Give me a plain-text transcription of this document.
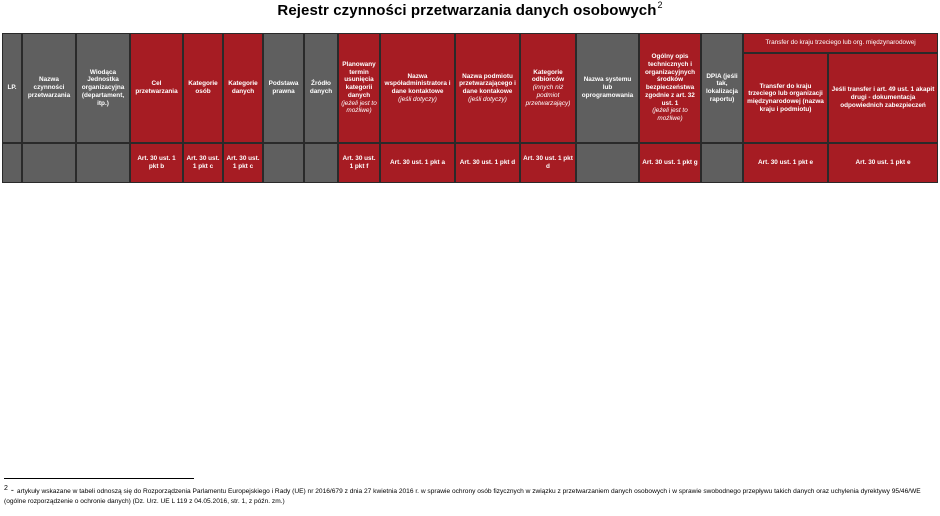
Rejestr czynności przetwarzania danych osobowych$^2$
Transfer do kraju trzeciego lub org. międzynarodowej
LP.
Nazwa czynności przetwarzania
Wiodąca Jednostka organizacyjna (departament, itp.)
Cel przetwarzania
Art. 30 ust. 1 pkt b
Kategorie osób
Art. 30 ust. 1 pkt c
Kategorie danych
Art. 30 ust. 1 pkt c
Podstawa prawna
Źródło danych
Planowany termin usunięcia kategorii danych
(jeżeli jest to możliwe)
Art. 30 ust. 1 pkt f
Nazwa współadministratora i dane kontaktowe
(jeśli dotyczy)
Art. 30 ust. 1 pkt a
Nazwa podmiotu przetwarzającego i dane kontakowe
(jeśli dotyczy)
Art. 30 ust. 1 pkt d
Kategorie odbiorców
(innych niż podmiot przetwarzający)
Art. 30 ust. 1 pkt d
Nazwa systemu lub oprogramowania
Ogólny opis technicznych i organizacyjnych środków bezpieczeństwa zgodnie z art. 32 ust. 1
(jeżeli jest to możliwe)
Art. 30 ust. 1 pkt g
DPIA (jeśli tak, lokalizacja raportu)
Transfer do kraju trzeciego lub organizacji międzynarodowej (nazwa kraju i podmiotu)
Art. 30 ust. 1 pkt e
Jeśli transfer i art. 49 ust. 1 akapit drugi - dokumentacja odpowiednich zabezpieczeń
Art. 30 ust. 1 pkt e
2 - artykuły wskazane w tabeli odnoszą się do Rozporządzenia Parlamentu Europejskiego i Rady (UE) nr 2016/679 z dnia 27 kwietnia 2016 r. w sprawie ochrony osób fizycznych w związku z przetwarzaniem danych osobowych i w sprawie swobodnego przepływu takich danych oraz uchylenia dyrektywy 95/46/WE (ogólne rozporządzenie o ochronie danych) (Dz. Urz. UE L 119 z 04.05.2016, str. 1, z późn. zm.)
